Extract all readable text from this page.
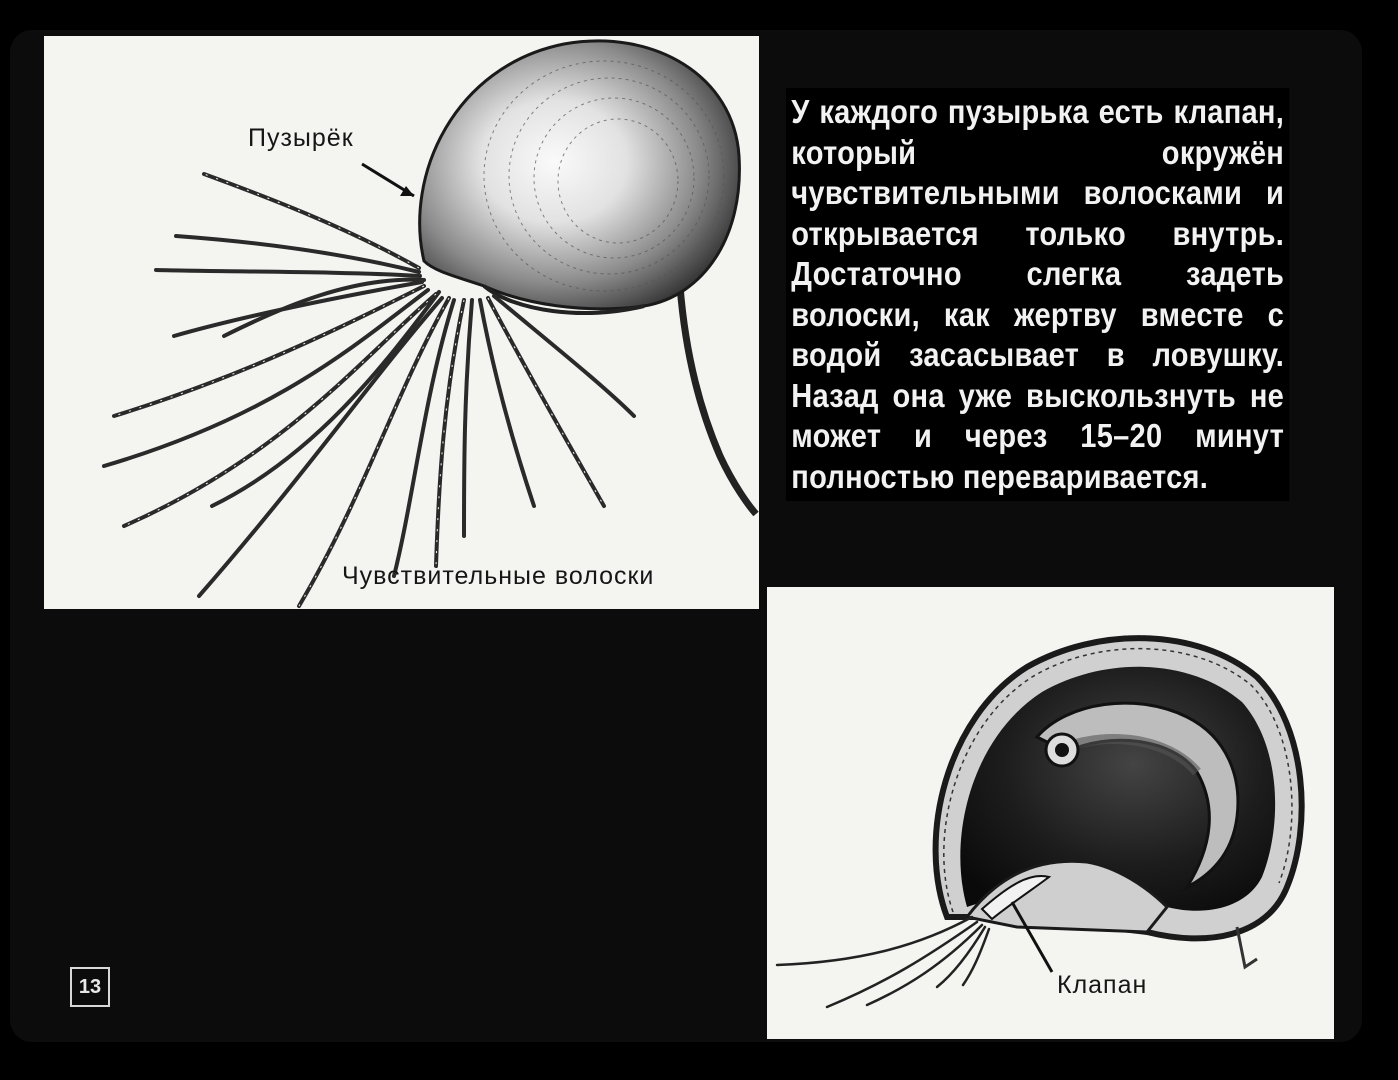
Пузырёк
Чувствительные волоски
У каждого пузырька есть клапан, который окружён чувствительными волосками и открывается только внутрь. Достаточно слегка задеть волоски, как жертву вместе с водой засасывает в ловушку. Назад она уже выскользнуть не может и через 15–20 минут полностью переваривается.
Клапан
13
